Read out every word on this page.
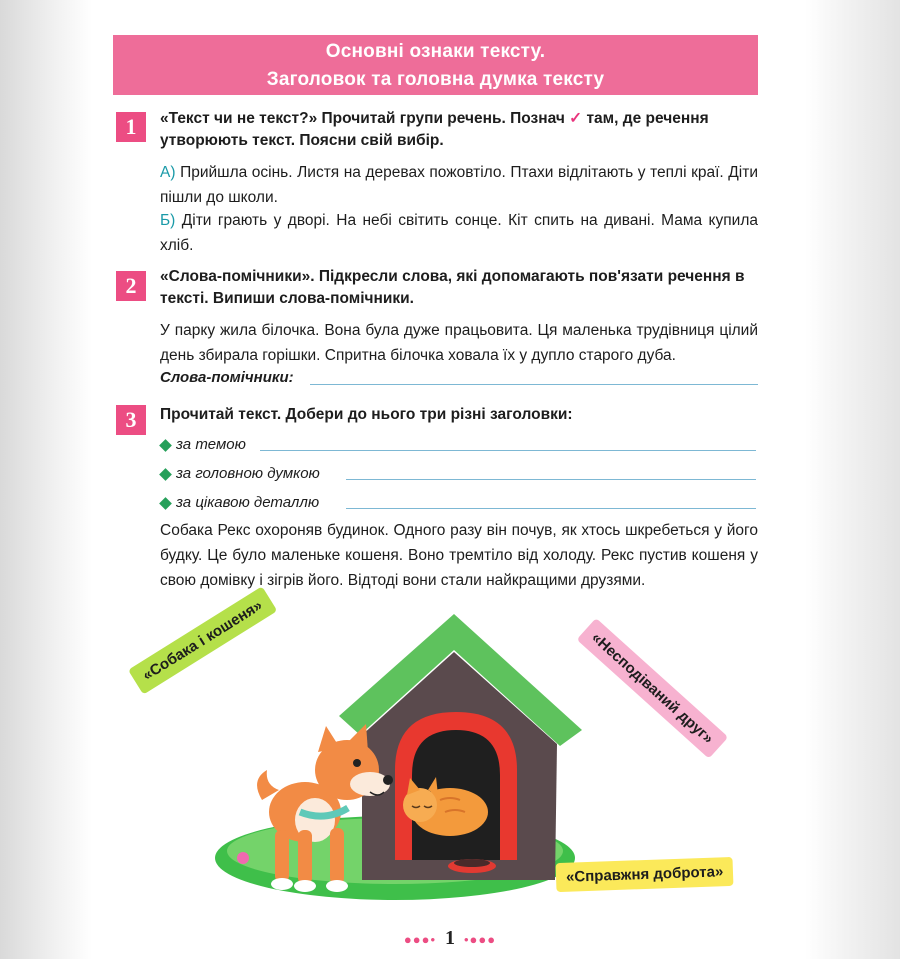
Основні ознаки тексту.
Заголовок та головна думка тексту
1	«Текст чи не текст?» Прочитай групи речень. Познач ✓ там, де речення утворюють текст. Поясни свій вибір.
А) Прийшла осінь. Листя на деревах пожовтіло. Птахи відлітають у теплі краї. Діти пішли до школи.
Б) Діти грають у дворі. На небі світить сонце. Кіт спить на дивані. Мама купила хліб.
2	«Слова-помічники». Підкресли слова, які допомагають пов'язати речення в тексті. Випиши слова-помічники.
У парку жила білочка. Вона була дуже працьовита. Ця маленька трудівниця цілий день збирала горішки. Спритна білочка ховала їх у дупло старого дуба.
Слова-помічники:
3	Прочитай текст. Добери до нього три різні заголовки:
за темою
за головною думкою
за цікавою деталлю
Собака Рекс охороняв будинок. Одного разу він почув, як хтось шкребеться у його будку. Це було маленьке кошеня. Воно тремтіло від холоду. Рекс пустив кошеня у свою домівку і зігрів його. Відтоді вони стали найкращими друзями.
«Собака і кошеня»	«Несподіваний друг»
«Справжня доброта»
●●●• 1 •●●●
